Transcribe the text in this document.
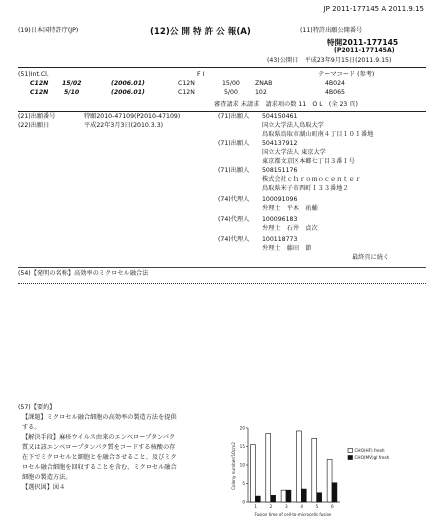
JP 2011-177145 A 2011.9.15
(19)日本国特許庁(JP)	(12)公 開 特 許 公 報(A)	(11)特許出願公開番号
特開2011-177145
(P2011-177145A)
(43)公開日　平成23年9月15日(2011.9.15)
(51)Int.Cl.	F I	テーマコード (参考)
C12N 15/02	(2006.01)	C12N	15/00 ZNAB	4B024
C12N	5/10	(2006.01)	C12N	5/00	102	4B065
審査請求 未請求　請求項の数 11　O L　(全 23 頁)
(21)出願番号	特願2010-47109(P2010-47109)
(22)出願日	平成22年3月3日(2010.3.3)
(71)出願人 504150461
国立大学法人鳥取大学
鳥取県鳥取市湖山町南４丁目１０１番地
(71)出願人 504137912
国立大学法人 東京大学
東京都文京区本郷七丁目３番１号
(71)出願人 508151176
株式会社ｃｈｒｏｍｏｃｅｎｔｅｒ
鳥取県米子市西町１３３番地２
(74)代理人 100091096
弁理士　平木　祐輔
(74)代理人 100096183
弁理士　石井　貞次
(74)代理人 100118773
弁理士　藤田　節
最終頁に続く
(54)【発明の名称】高効率のミクロセル融合法
(57)【要約】
【課題】ミクロセル融合細胞の高効率の製造方法を提供
する。
【解決手段】麻疹ウイルス由来のエンベロープタンパク
質又は該エンベロープタンパク質をコードする核酸の存
在下でミクロセルと細胞とを融合させること、及びミク
ロセル融合細胞を回収することを含む、ミクロセル融合
細胞の製造方法。
【選択図】図４	Colony number/10cm2
Fusion time of cell-to-microcells fusion
0
5
10
15
20
1	2	3	4	5	6
CHO(HF) fresh
CHO(MV)gl fresh
